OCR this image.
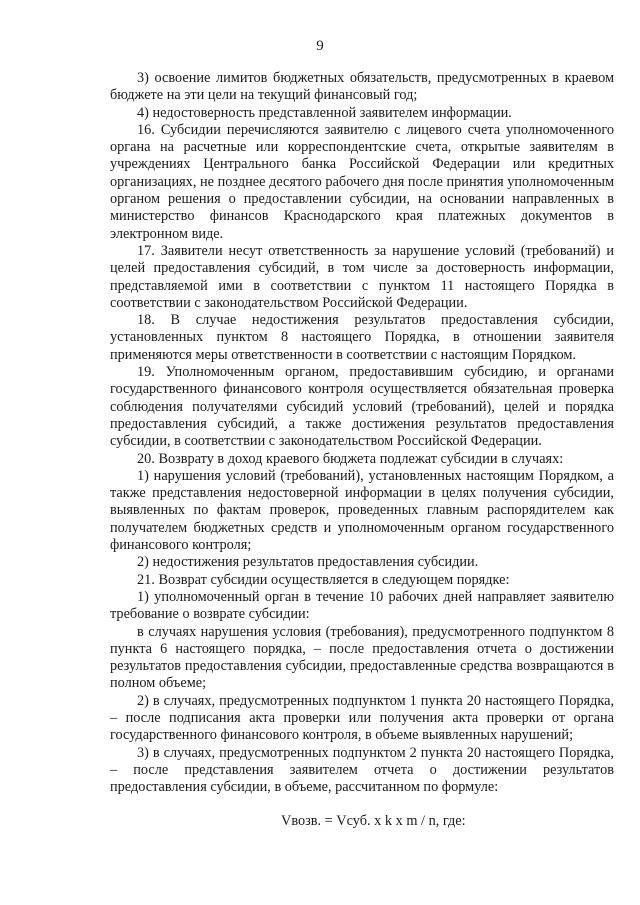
9

3) освоение лимитов бюджетных обязательств, предусмотренных в краевом бюджете на эти цели на текущий финансовый год;

4) недостоверность представленной заявителем информации.

16. Субсидии перечисляются заявителю с лицевого счета уполномоченного органа на расчетные или корреспондентские счета, открытые заявителям в учреждениях Центрального банка Российской Федерации или кредитных организациях, не позднее десятого рабочего дня после принятия уполномоченным органом решения о предоставлении субсидии, на основании направленных в министерство финансов Краснодарского края платежных документов в электронном виде.

17. Заявители несут ответственность за нарушение условий (требований) и целей предоставления субсидий, в том числе за достоверность информации, представляемой ими в соответствии с пунктом 11 настоящего Порядка в соответствии с законодательством Российской Федерации.

18. В случае недостижения результатов предоставления субсидии, установленных пунктом 8 настоящего Порядка, в отношении заявителя применяются меры ответственности в соответствии с настоящим Порядком.

19. Уполномоченным органом, предоставившим субсидию, и органами государственного финансового контроля осуществляется обязательная проверка соблюдения получателями субсидий условий (требований), целей и порядка предоставления субсидий, а также достижения результатов предоставления субсидии, в соответствии с законодательством Российской Федерации.

20. Возврату в доход краевого бюджета подлежат субсидии в случаях:

1) нарушения условий (требований), установленных настоящим Порядком, а также представления недостоверной информации в целях получения субсидии, выявленных по фактам проверок, проведенных главным распорядителем как получателем бюджетных средств и уполномоченным органом государственного финансового контроля;

2) недостижения результатов предоставления субсидии.

21. Возврат субсидии осуществляется в следующем порядке:

1) уполномоченный орган в течение 10 рабочих дней направляет заявителю требование о возврате субсидии:

в случаях нарушения условия (требования), предусмотренного подпунктом 8 пункта 6 настоящего порядка, – после предоставления отчета о достижении результатов предоставления субсидии, предоставленные средства возвращаются в полном объеме;

2) в случаях, предусмотренных подпунктом 1 пункта 20 настоящего Порядка, – после подписания акта проверки или получения акта проверки от органа государственного финансового контроля, в объеме выявленных нарушений;

3) в случаях, предусмотренных подпунктом 2 пункта 20 настоящего Порядка, – после представления заявителем отчета о достижении результатов предоставления субсидии, в объеме, рассчитанном по формуле:

Vвозв. = Vсуб. x k x m / n, где:
